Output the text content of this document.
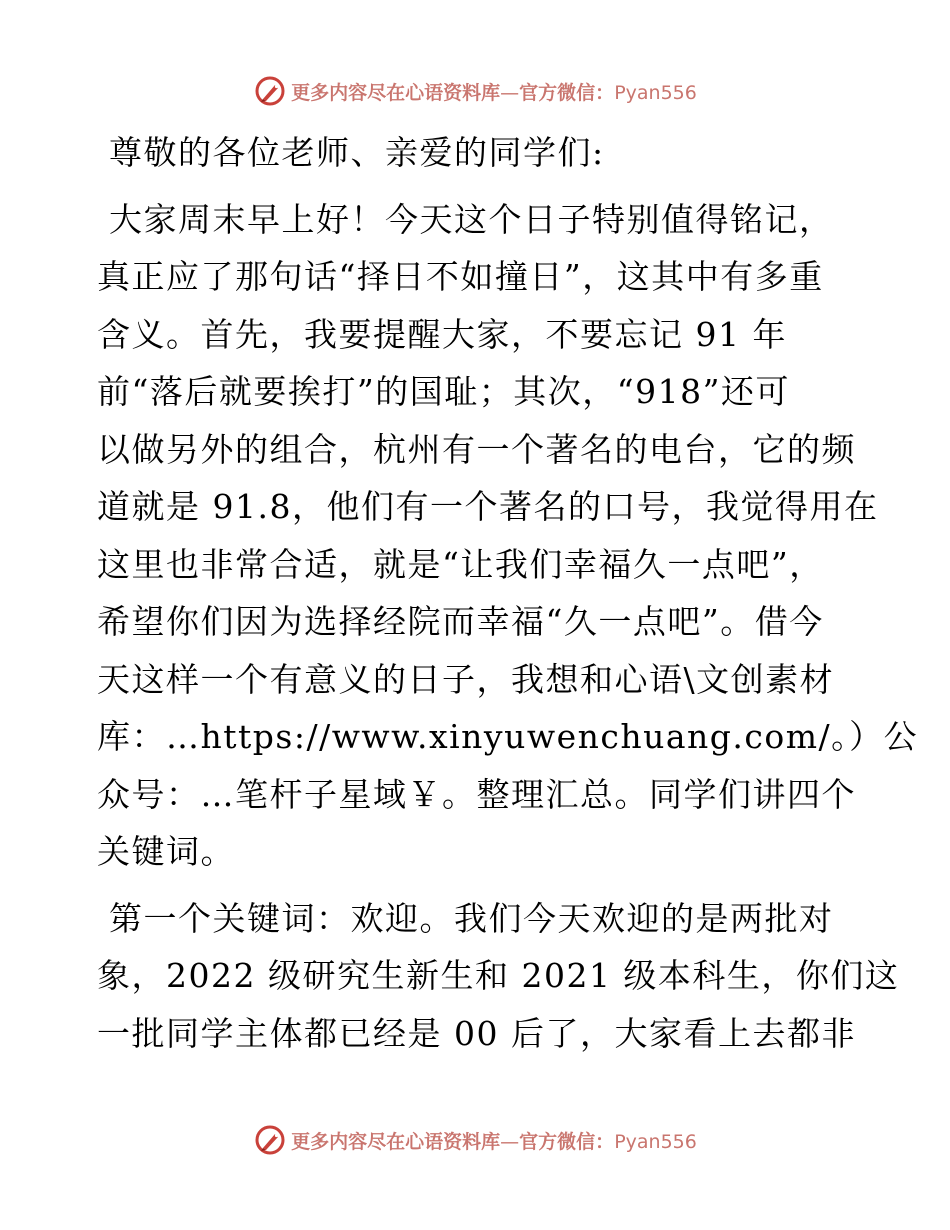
更多内容尽在心语资料库—官方微信：Pyan556

尊敬的各位老师、亲爱的同学们:

大家周末早上好！今天这个日子特别值得铭记，
真正应了那句话“择日不如撞日”，这其中有多重
含义。首先，我要提醒大家，不要忘记 91 年
前“落后就要挨打”的国耻；其次，“918”还可
以做另外的组合，杭州有一个著名的电台，它的频
道就是 91.8，他们有一个著名的口号，我觉得用在
这里也非常合适，就是“让我们幸福久一点吧”，
希望你们因为选择经院而幸福“久一点吧”。借今
天这样一个有意义的日子，我想和心语\文创素材
库：…https://www.xinyuwenchuang.com/。）公
众号：…笔杆子星域￥。整理汇总。同学们讲四个
关键词。

第一个关键词：欢迎。我们今天欢迎的是两批对
象，2022 级研究生新生和 2021 级本科生，你们这
一批同学主体都已经是 00 后了，大家看上去都非

更多内容尽在心语资料库—官方微信：Pyan556
